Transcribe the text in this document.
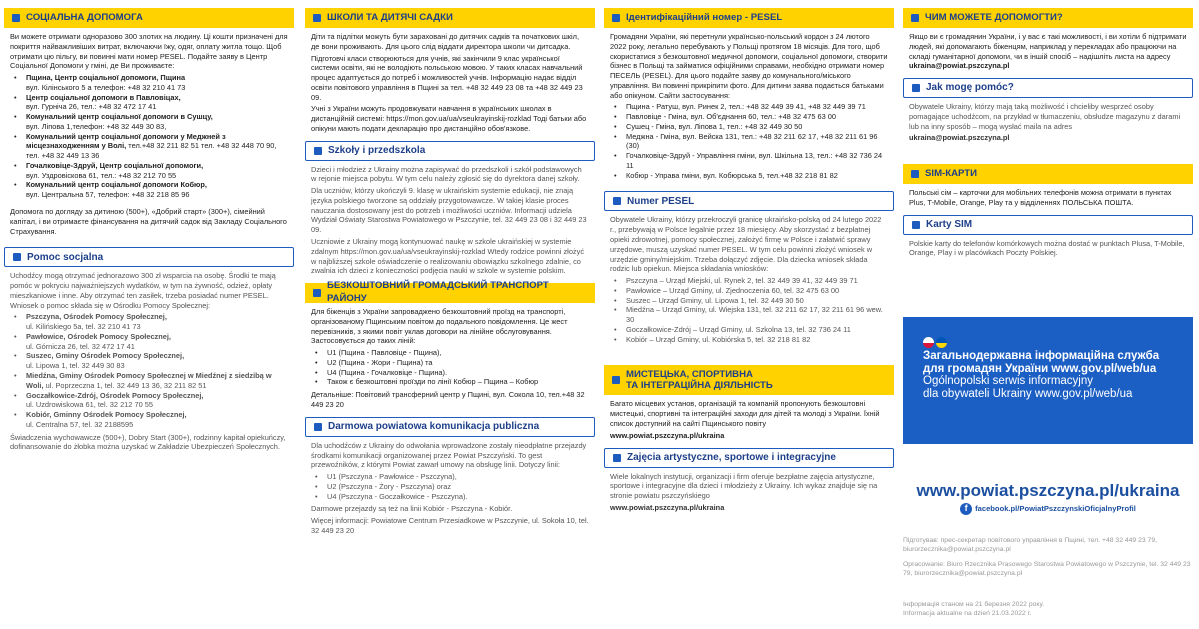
СОЦІАЛЬНА ДОПОМОГА

Ви можете отримати одноразово 300 злотих на людину. Ці кошти призначені для покриття найважливіших витрат, включаючи їжу, одяг, оплату житла тощо. Щоб отримати цю пільгу, ви повинні мати номер PESEL. Подайте заяву в Центр Соціальної Допомоги у гміні, де Ви проживаєте:

• Пщина, Центр соціальної допомоги, Пщина
вул. Кілінського 5 а телефон: +48 32 210 41 73
• Центр соціальної допомоги в Павловіцах,
вул. Гурніча 26, тел.: +48 32 472 17 41
• Комунальний центр соціальної допомоги в Сушцу,
вул. Ліпова 1,телефон: +48 32 449 30 83,
• Комунальний центр соціальної допомоги у Меджней з місцезнаходженням у Волі, тел.+48 32 211 82 51 тел. +48 32 448 70 90, тел. +48 32 449 13 36
• Гочалковіце-Здруй, Центр соціальної допомоги,
вул. Уздровіскова 61, тел.: +48 32 212 70 55
• Комунальний центр соціальної допомоги Кобюр,
вул. Центральна 57, телефон: +48 32 218 85 96

Допомога по догляду за дитиною (500+), «Добрий старт» (300+), сімейний капітал, і ви отримаєте фінансування на дитячий садок від Закладу Соціального Страхування.

Pomoc socjalna

Uchodźcy mogą otrzymać jednorazowo 300 zł wsparcia na osobę. Środki te mają pomóc w pokryciu najważniejszych wydatków, w tym na żywność, odzież, opłaty mieszkaniowe i inne. Aby otrzymać ten zasiłek, trzeba posiadać numer PESEL. Wniosek o pomoc składa się w Ośrodku Pomocy Społecznej:

• Pszczyna, Ośrodek Pomocy Społecznej,
ul. Kilińskiego 5a, tel. 32 210 41 73
• Pawłowice, Ośrodek Pomocy Społecznej,
ul. Górnicza 26, tel. 32 472 17 41
• Suszec, Gminy Ośrodek Pomocy Społecznej,
ul. Lipowa 1, tel. 32 449 30 83
• Miedźna, Gminy Ośrodek Pomocy Społecznej w Miedźnej z siedzibą w Woli, ul. Poprzeczna 1, tel. 32 449 13 36, 32 211 82 51
• Goczałkowice-Zdrój, Ośrodek Pomocy Społecznej,
ul. Uzdrowiskowa 61, tel. 32 212 70 55
• Kobiór, Gminny Ośrodek Pomocy Społecznej,
ul. Centralna 57, tel. 32 2188595

Świadczenia wychowawcze (500+), Dobry Start (300+), rodzinny kapitał opiekuńczy, dofinansowanie do żłobka można uzyskać w Zakładzie Ubezpieczeń Społecznych.

ШКОЛИ ТА ДИТЯЧІ САДКИ

Діти та підлітки можуть бути зараховані до дитячих садків та початкових шкіл, де вони проживають. Для цього слід віддати директора школи чи дитсадка.

Підготовчі класи створюються для учнів, які закінчили 9 клас української системи освіти, які не володіють польською мовою. У таких класах навчальний процес адаптується до потреб і можливостей учнів. Інформацію надає відділ освіти повітового управління в Пщині за тел. +48 32 449 23 08 та +48 32 449 23 09.

Учні з України можуть продовжувати навчання в українських школах в дистанційній системі: https://mon.gov.ua/ua/vseukrayinskij-rozklad Тоді батьки або опікуни мають подати декларацію про дистанційно обов'язкове.

Szkoły i przedszkola

Dzieci i młodzież z Ukrainy można zapisywać do przedszkoli i szkół podstawowych w rejonie miejsca pobytu. W tym celu należy zgłosić się do dyrektora danej szkoły.

Dla uczniów, którzy ukończyli 9. klasę w ukraińskim systemie edukacji, nie znają języka polskiego tworzone są oddziały przygotowawcze. W takiej klasie proces nauczania dostosowany jest do potrzeb i możliwości uczniów. Informacji udziela Wydział Oświaty Starostwa Powiatowego w Pszczynie, tel. 32 449 23 08 i 32 449 23 09.

Uczniowie z Ukrainy mogą kontynuować naukę w szkole ukraińskiej w systemie zdalnym https://mon.gov.ua/ua/vseukrayinskij-rozklad Wtedy rodzice powinni złożyć w najbliższej szkole oświadczenie o realizowaniu obowiązku szkolnego zdalnie, co zwalnia ich dzieci z konieczności podjęcia nauki w szkole w systemie polskim.

БЕЗКОШТОВНИЙ ГРОМАДСЬКИЙ ТРАНСПОРТ РАЙОНУ

Для біженців з України запроваджено безкоштовний проїзд на транспорті, організованому Пщинським повітом до подального повідомлення. Це жест перевізників, з якими повіт уклав договори на лінійне обслуговування. Застосовується до таких ліній:

• U1 (Пщина - Павловіце - Пщина),
• U2 (Пщина - Жори - Пщина) та
• U4 (Пщина - Гочалковіце - Пщина).
• Також є безкоштовні проїзди по лінії Кобюр – Пщина – Кобюр

Детальніше: Повітовий трансферний центр у Пщині, вул. Сокола 10, тел.+48 32 449 23 20

Darmowa powiatowa komunikacja publiczna

Dla uchodźców z Ukrainy do odwołania wprowadzone zostały nieodpłatne przejazdy środkami komunikacji organizowanej przez Powiat Pszczyński. To gest przewoźników, z którymi Powiat zawarł umowy na obsługę linii. Dotyczy linii:

• U1 (Pszczyna - Pawłowice - Pszczyna),
• U2 (Pszczyna - Żory - Pszczyna) oraz
• U4 (Pszczyna - Goczałkowice - Pszczyna).

Darmowe przejazdy są też na linii Kobiór - Pszczyna - Kobiór.

Więcej informacji: Powiatowe Centrum Przesiadkowe w Pszczynie, ul. Sokoła 10, tel. 32 449 23 20

Ідентифікаційний номер - PESEL

Громадяни України, які перетнули українсько-польський кордон з 24 лютого 2022 року, легально перебувають у Польщі протягом 18 місяців. Для того, щоб скористатися з безкоштовної медичної допомоги, соціальної допомоги, створити бізнес в Польщі та займатися офіційними справами, необхідно отримати номер ПЕСЕЛЬ (PESEL). Для цього подайте заяву до комунального/міського управління. Ви повинні прикріпити фото. Для дитини заява подається батьками або опікуном. Сайти застосування:

• Пщина - Ратуш, вул. Ринек 2, тел.: +48 32 449 39 41, +48 32 449 39 71
• Павловіце - Гміна, вул. Об'єднання 60, тел.: +48 32 475 63 00
• Сушец - Гміна, вул. Ліпова 1, тел.: +48 32 449 30 50
• Меджна - Гміна, вул. Вейска 131, тел.: +48 32 211 62 17, +48 32 211 61 96 (30)
• Гочалковіце-Здруй - Управління гміни, вул. Шкільна 13, тел.: +48 32 736 24 11
• Кобюр - Управа гміни, вул. Кобюрська 5, тел.+48 32 218 81 82
Numer PESEL

Obywatele Ukrainy, którzy przekroczyli granicę ukraińsko-polską od 24 lutego 2022 r., przebywają w Polsce legalnie przez 18 miesięcy. Aby skorzystać z bezpłatnej opieki zdrowotnej, pomocy społecznej, założyć firmę w Polsce i załatwić sprawy urzędowe, muszą uzyskać numer PESEL. W tym celu powinni złożyć wniosek w urzędzie gminy/miejskim. Trzeba dołączyć zdjęcie. Dla dziecka wniosek składa rodzic lub opiekun. Miejsca składania wniosków:

• Pszczyna – Urząd Miejski, ul. Rynek 2, tel. 32 449 39 41, 32 449 39 71
• Pawłowice – Urząd Gminy, ul. Zjednoczenia 60, tel. 32 475 63 00
• Suszec – Urząd Gminy, ul. Lipowa 1, tel. 32 449 30 50
• Miedźna – Urząd Gminy, ul. Wiejska 131, tel. 32 211 62 17, 32 211 61 96 wew. 30
• Goczałkowice-Zdrój – Urząd Gminy, ul. Szkolna 13, tel. 32 736 24 11
• Kobiór – Urząd Gminy, ul. Kobiórska 5, tel. 32 218 81 82
МИСТЕЦЬКА, СПОРТИВНА
ТА ІНТЕГРАЦІЙНА ДІЯЛЬНІСТЬ

Багато місцевих установ, організацій та компаній пропонують безкоштовні мистецькі, спортивні та інтеграційні заходи для дітей та молоді з України. Їхній список доступний на сайті Пщинського повіту

www.powiat.pszczyna.pl/ukraina

Zajęcia artystyczne, sportowe i integracyjne

Wiele lokalnych instytucji, organizacji i firm oferuje bezpłatne zajęcia artystyczne, sportowe i integracyjne dla dzieci i młodzieży z Ukrainy. Ich wykaz znajduje się na stronie powiatu pszczyńskiego

www.powiat.pszczyna.pl/ukraina

ЧИМ МОЖЕТЕ ДОПОМОГТИ?

Якщо ви є громадянин України, і у вас є такі можливості, і ви хотіли б підтримати людей, які допомагають біженцям, наприклад у перекладах або працюючи на складі гуманітарної допомоги, чи в іншій спосіб – надішліть листа на адресу ukraina@powiat.pszczyna.pl

Jak mogę pomóc?

Obywatele Ukrainy, którzy mają taką możliwość i chcieliby wesprzeć osoby pomagające uchodźcom, na przykład w tłumaczeniu, obsłudze magazynu z darami lub na inny sposób – mogą wysłać maila na adres

ukraina@powiat.pszczyna.pl

SIM-КАРТИ

Польські сім – карточки для мобільних телефонів можна отримати в пунктах Plus, T-Mobile, Orange, Play та у відділеннях ПОЛЬСЬКА ПОШТА.

Karty SIM

Polskie karty do telefonów komórkowych można dostać w punktach Plusa, T-Mobile, Orange, Play i w placówkach Poczty Polskiej.

Загальнодержавна інформаційна служба
для громадян України www.gov.pl/web/ua
Ogólnopolski serwis informacyjny
dla obywateli Ukrainy www.gov.pl/web/ua
www.powiat.pszczyna.pl/ukraina
f facebook.pl/PowiatPszczynskiOficjalnyProfil
Підготував: прес-секретар повітового управління в Пщині, тел. +48 32 449 23 79, biurorzecznika@powiat.pszczyna.pl
Opracowanie: Biuro Rzecznika Prasowego Starostwa Powiatowego w Pszczynie, tel. 32 449 23 79, biurorzecznika@powiat.pszczyna.pl
Інформація станом на 21 березня 2022 року.
Informacja aktualne na dzień 21.03.2022 r.
